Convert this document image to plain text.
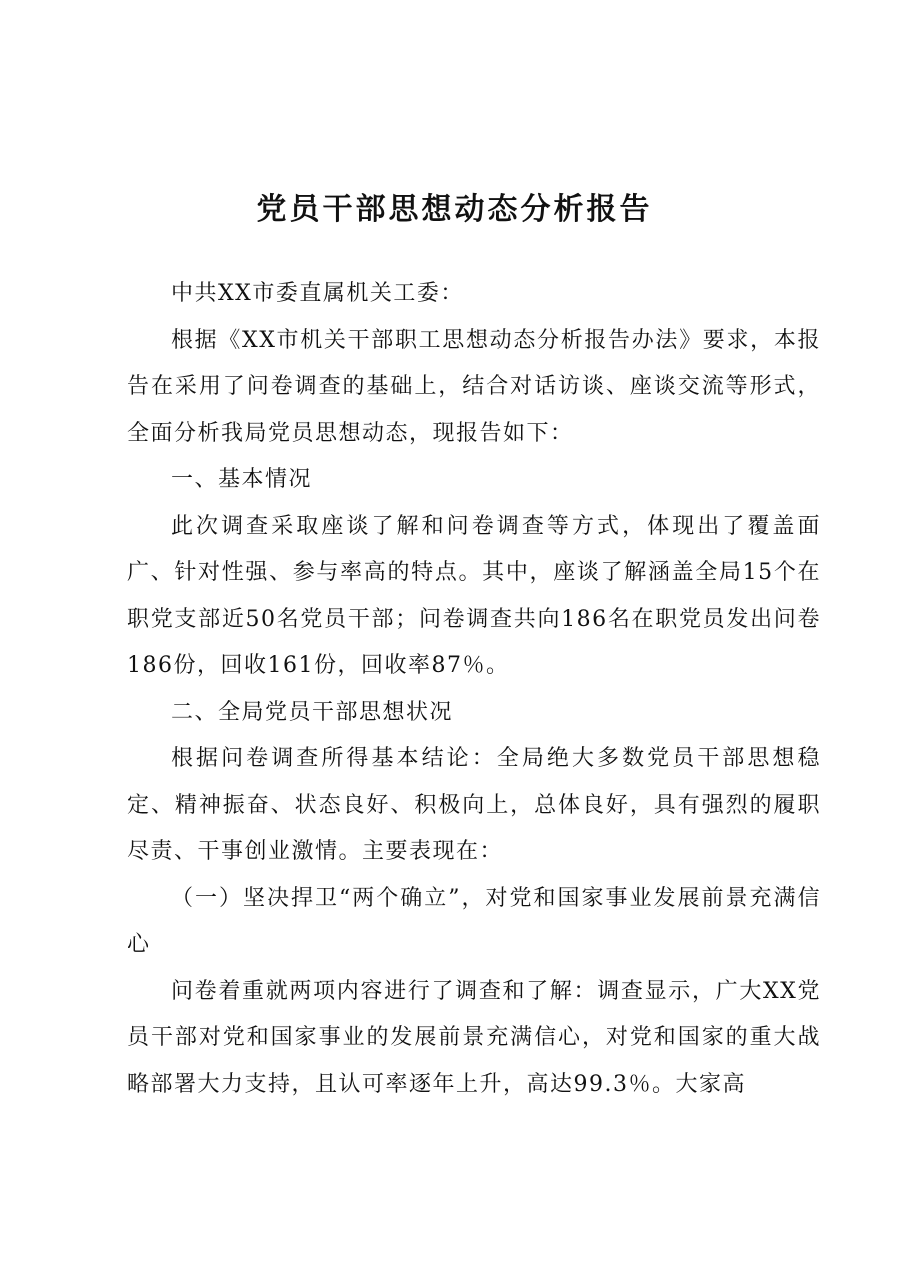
党员干部思想动态分析报告

中共XX市委直属机关工委：

根据《XX市机关干部职工思想动态分析报告办法》要求，本报告在采用了问卷调查的基础上，结合对话访谈、座谈交流等形式，全面分析我局党员思想动态，现报告如下：

一、基本情况

此次调查采取座谈了解和问卷调查等方式，体现出了覆盖面广、针对性强、参与率高的特点。其中，座谈了解涵盖全局15个在职党支部近50名党员干部；问卷调查共向186名在职党员发出问卷186份，回收161份，回收率87％。

二、全局党员干部思想状况

根据问卷调查所得基本结论：全局绝大多数党员干部思想稳定、精神振奋、状态良好、积极向上，总体良好，具有强烈的履职尽责、干事创业激情。主要表现在：

（一）坚决捍卫“两个确立”，对党和国家事业发展前景充满信心

问卷着重就两项内容进行了调查和了解：调查显示，广大XX党员干部对党和国家事业的发展前景充满信心，对党和国家的重大战略部署大力支持，且认可率逐年上升，高达99.3％。大家高
